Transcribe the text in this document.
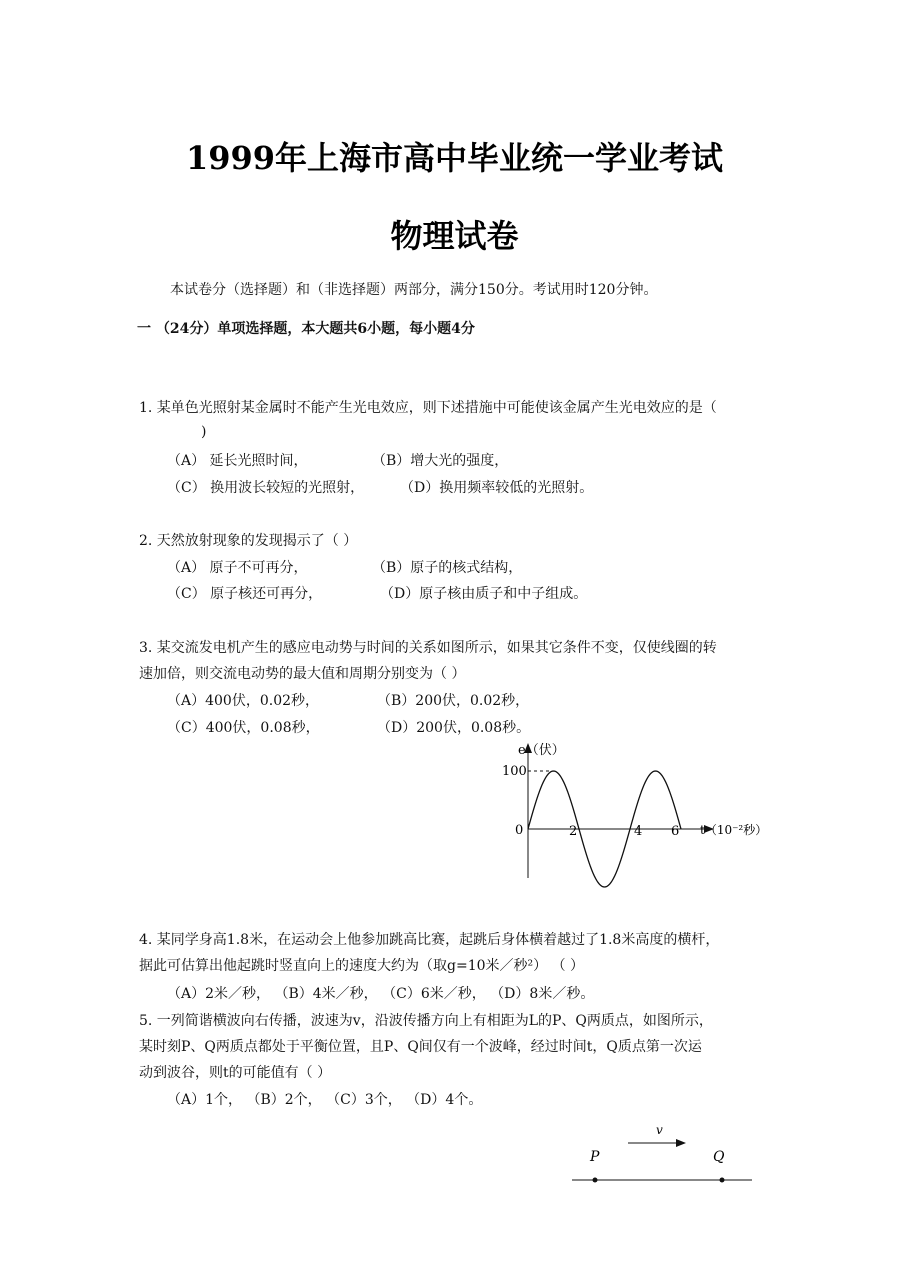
1999年上海市高中毕业统一学业考试
物理试卷
本试卷分（选择题）和（非选择题）两部分，满分150分。考试用时120分钟。
一 （24分）单项选择题，本大题共6小题，每小题4分
1. 某单色光照射某金属时不能产生光电效应，则下述措施中可能使该金属产生光电效应的是（
)
（A） 延长光照时间，	（B）增大光的强度，
（C） 换用波长较短的光照射，	（D）换用频率较低的光照射。
2. 天然放射现象的发现揭示了（ ）
（A） 原子不可再分，	（B）原子的核式结构，
（C） 原子核还可再分，	（D）原子核由质子和中子组成。
3. 某交流发电机产生的感应电动势与时间的关系如图所示，如果其它条件不变，仅使线圈的转
速加倍，则交流电动势的最大值和周期分别变为（ ）
（A）400伏，0.02秒，	（B）200伏，0.02秒，
（C）400伏，0.08秒，	（D）200伏，0.08秒。
e（伏）
100
0	2	4 6 t（10⁻²秒）
4. 某同学身高1.8米，在运动会上他参加跳高比赛，起跳后身体横着越过了1.8米高度的横杆，
据此可估算出他起跳时竖直向上的速度大约为（取g=10米／秒²） （ ）
（A）2米／秒， （B）4米／秒， （C）6米／秒， （D）8米／秒。
5. 一列简谐横波向右传播，波速为v，沿波传播方向上有相距为L的P、Q两质点，如图所示，
某时刻P、Q两质点都处于平衡位置，且P、Q间仅有一个波峰，经过时间t，Q质点第一次运
动到波谷，则t的可能值有（ ）
（A）1个， （B）2个， （C）3个， （D）4个。
v
P	Q
